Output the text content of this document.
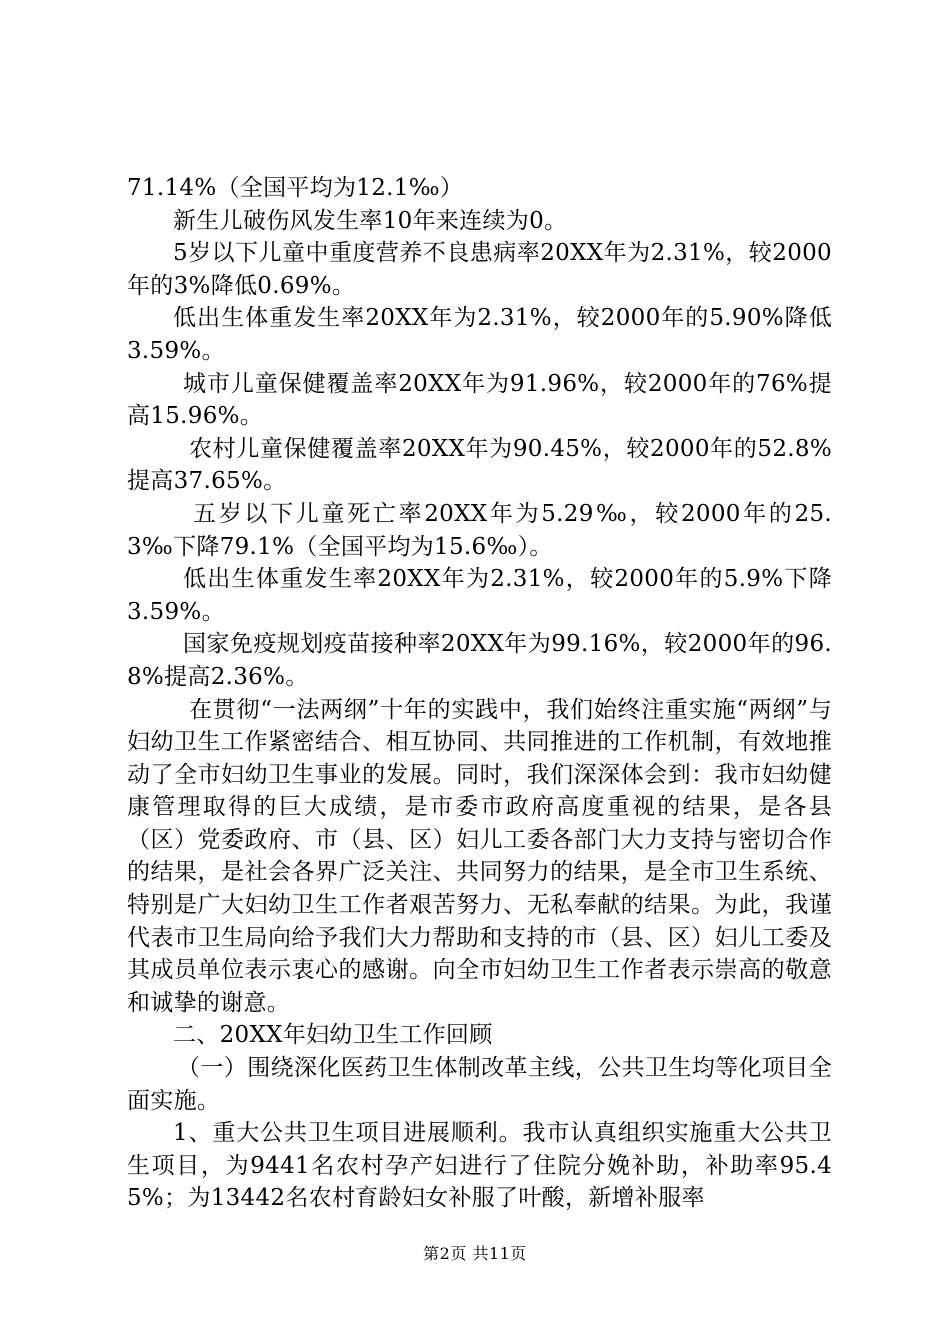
71.14%（全国平均为12.1‰）

新生儿破伤风发生率10年来连续为0。

5岁以下儿童中重度营养不良患病率20XX年为2.31%，较2000年的3%降低0.69%。

低出生体重发生率20XX年为2.31%，较2000年的5.90%降低3.59%。

城市儿童保健覆盖率20XX年为91.96%，较2000年的76%提高15.96%。

农村儿童保健覆盖率20XX年为90.45%，较2000年的52.8%提高37.65%。

五岁以下儿童死亡率20XX年为5.29‰，较2000年的25.3‰下降79.1%（全国平均为15.6‰）。

低出生体重发生率20XX年为2.31%，较2000年的5.9%下降3.59%。

国家免疫规划疫苗接种率20XX年为99.16%，较2000年的96.8%提高2.36%。

在贯彻“一法两纲”十年的实践中，我们始终注重实施“两纲”与妇幼卫生工作紧密结合、相互协同、共同推进的工作机制，有效地推动了全市妇幼卫生事业的发展。同时，我们深深体会到：我市妇幼健康管理取得的巨大成绩，是市委市政府高度重视的结果，是各县（区）党委政府、市（县、区）妇儿工委各部门大力支持与密切合作的结果，是社会各界广泛关注、共同努力的结果，是全市卫生系统、特别是广大妇幼卫生工作者艰苦努力、无私奉献的结果。为此，我谨代表市卫生局向给予我们大力帮助和支持的市（县、区）妇儿工委及其成员单位表示衷心的感谢。向全市妇幼卫生工作者表示崇高的敬意和诚挚的谢意。

二、20XX年妇幼卫生工作回顾

（一）围绕深化医药卫生体制改革主线，公共卫生均等化项目全面实施。

1、重大公共卫生项目进展顺利。我市认真组织实施重大公共卫生项目，为9441名农村孕产妇进行了住院分娩补助，补助率95.45%；为13442名农村育龄妇女补服了叶酸，新增补服率

第2页 共11页
